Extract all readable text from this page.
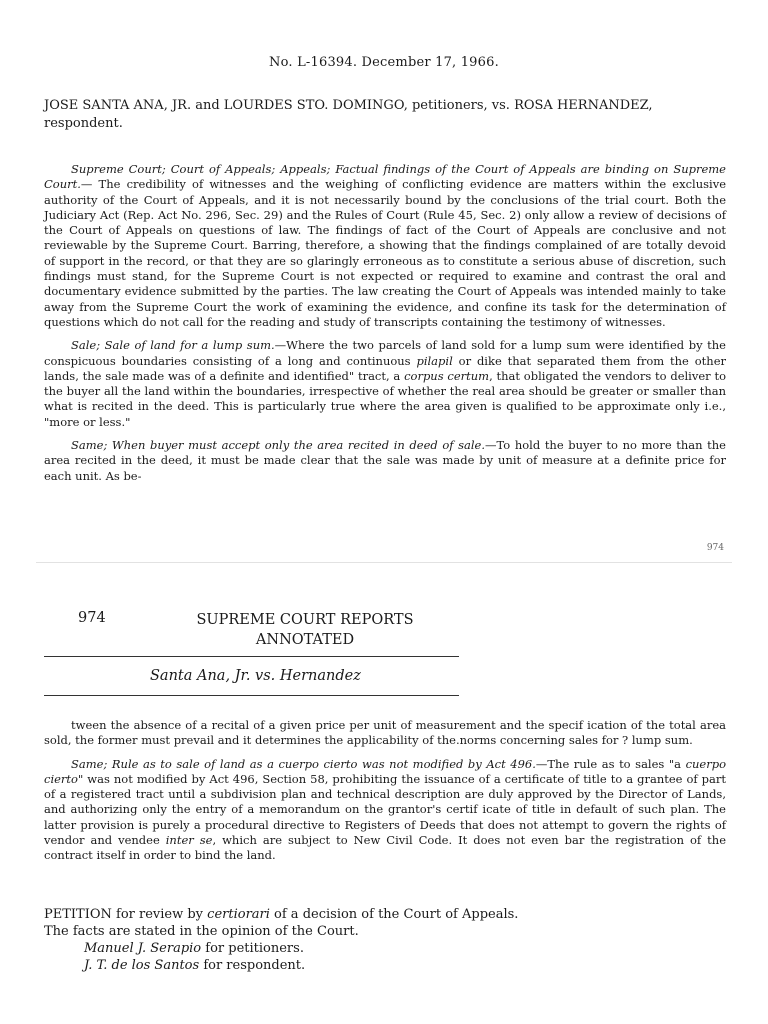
No. L-16394. December 17, 1966.
JOSE SANTA ANA, JR. and LOURDES STO. DOMINGO, petitioners, vs. ROSA HERNANDEZ, respondent.

Supreme Court; Court of Appeals; Appeals; Factual findings of the Court of Appeals are binding on Supreme Court.— The credibility of witnesses and the weighing of conflicting evidence are matters within the exclusive authority of the Court of Appeals, and it is not necessarily bound by the conclusions of the trial court. Both the Judiciary Act (Rep. Act No. 296, Sec. 29) and the Rules of Court (Rule 45, Sec. 2) only allow a review of decisions of the Court of Appeals on questions of law. The findings of fact of the Court of Appeals are conclusive and not reviewable by the Supreme Court. Barring, therefore, a showing that the findings complained of are totally devoid of support in the record, or that they are so glaringly erroneous as to constitute a serious abuse of discretion, such findings must stand, for the Supreme Court is not expected or required to examine and contrast the oral and documentary evidence submitted by the parties. The law creating the Court of Appeals was intended mainly to take away from the Supreme Court the work of examining the evidence, and confine its task for the determination of questions which do not call for the reading and study of transcripts containing the testimony of witnesses.

Sale; Sale of land for a lump sum.—Where the two parcels of land sold for a lump sum were identified by the conspicuous boundaries consisting of a long and continuous pilapil or dike that separated them from the other lands, the sale made was of a definite and identified" tract, a corpus certum, that obligated the vendors to deliver to the buyer all the land within the boundaries, irrespective of whether the real area should be greater or smaller than what is recited in the deed. This is particularly true where the area given is qualified to be approximate only i.e., "more or less."

Same; When buyer must accept only the area recited in deed of sale.—To hold the buyer to no more than the area recited in the deed, it must be made clear that the sale was made by unit of measure at a definite price for each unit. As be-

974
974	SUPREME COURT REPORTS ANNOTATED
Santa Ana, Jr. vs. Hernandez

tween the absence of a recital of a given price per unit of measurement and the specif ication of the total area sold, the former must prevail and it determines the applicability of the.norms concerning sales for ? lump sum.

Same; Rule as to sale of land as a cuerpo cierto was not modified by Act 496.—The rule as to sales "a cuerpo cierto" was not modified by Act 496, Section 58, prohibiting the issuance of a certificate of title to a grantee of part of a registered tract until a subdivision plan and technical description are duly approved by the Director of Lands, and authorizing only the entry of a memorandum on the grantor's certif icate of title in default of such plan. The latter provision is purely a procedural directive to Registers of Deeds that does not attempt to govern the rights of vendor and vendee inter se, which are subject to New Civil Code. It does not even bar the registration of the contract itself in order to bind the land.

PETITION for review by certiorari of a decision of the Court of Appeals.
The facts are stated in the opinion of the Court.
Manuel J. Serapio for petitioners.
J. T. de los Santos for respondent.
